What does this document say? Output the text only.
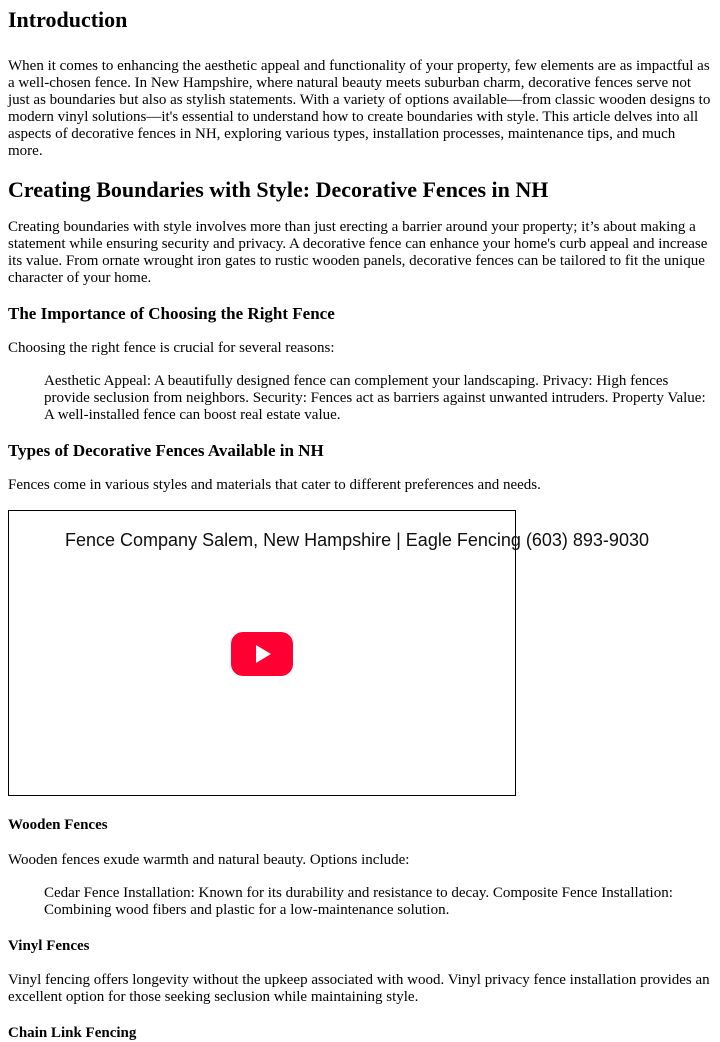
Introduction

When it comes to enhancing the aesthetic appeal and functionality of your property, few elements are as impactful as a well-chosen fence. In New Hampshire, where natural beauty meets suburban charm, decorative fences serve not just as boundaries but also as stylish statements. With a variety of options available—from classic wooden designs to modern vinyl solutions—it's essential to understand how to create boundaries with style. This article delves into all aspects of decorative fences in NH, exploring various types, installation processes, maintenance tips, and much more.

Creating Boundaries with Style: Decorative Fences in NH

Creating boundaries with style involves more than just erecting a barrier around your property; it’s about making a statement while ensuring security and privacy. A decorative fence can enhance your home's curb appeal and increase its value. From ornate wrought iron gates to rustic wooden panels, decorative fences can be tailored to fit the unique character of your home.

The Importance of Choosing the Right Fence

Choosing the right fence is crucial for several reasons:

Aesthetic Appeal: A beautifully designed fence can complement your landscaping. Privacy: High fences provide seclusion from neighbors. Security: Fences act as barriers against unwanted intruders. Property Value: A well-installed fence can boost real estate value.
Types of Decorative Fences Available in NH

Fences come in various styles and materials that cater to different preferences and needs.

Fence Company Salem, New Hampshire | Eagle Fencing (603) 893-9030
Wooden Fences

Wooden fences exude warmth and natural beauty. Options include:

Cedar Fence Installation: Known for its durability and resistance to decay. Composite Fence Installation: Combining wood fibers and plastic for a low-maintenance solution.
Vinyl Fences

Vinyl fencing offers longevity without the upkeep associated with wood. Vinyl privacy fence installation provides an excellent option for those seeking seclusion while maintaining style.

Chain Link Fencing
